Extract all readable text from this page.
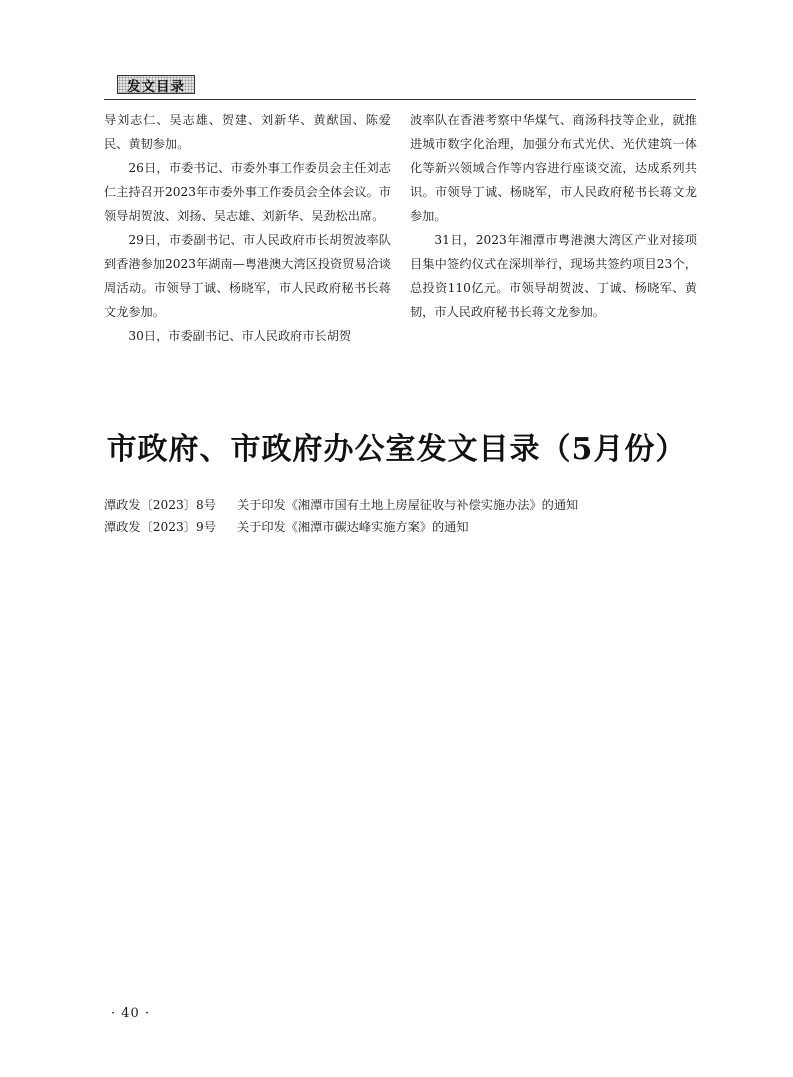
发文目录

导刘志仁、吴志雄、贺建、刘新华、黄猷国、陈爱民、黄韧参加。

26日，市委书记、市委外事工作委员会主任刘志仁主持召开2023年市委外事工作委员会全体会议。市领导胡贺波、刘扬、吴志雄、刘新华、吴劲松出席。

29日，市委副书记、市人民政府市长胡贺波率队到香港参加2023年湖南—粤港澳大湾区投资贸易洽谈周活动。市领导丁诚、杨晓军，市人民政府秘书长蒋文龙参加。

30日，市委副书记、市人民政府市长胡贺

波率队在香港考察中华煤气、商汤科技等企业，就推进城市数字化治理，加强分布式光伏、光伏建筑一体化等新兴领域合作等内容进行座谈交流，达成系列共识。市领导丁诚、杨晓军，市人民政府秘书长蒋文龙参加。

31日，2023年湘潭市粤港澳大湾区产业对接项目集中签约仪式在深圳举行，现场共签约项目23个，总投资110亿元。市领导胡贺波、丁诚、杨晓军、黄韧，市人民政府秘书长蒋文龙参加。

市政府、市政府办公室发文目录（5月份）
潭政发〔2023〕8号	关于印发《湘潭市国有土地上房屋征收与补偿实施办法》的通知
潭政发〔2023〕9号	关于印发《湘潭市碳达峰实施方案》的通知
· 40 ·
